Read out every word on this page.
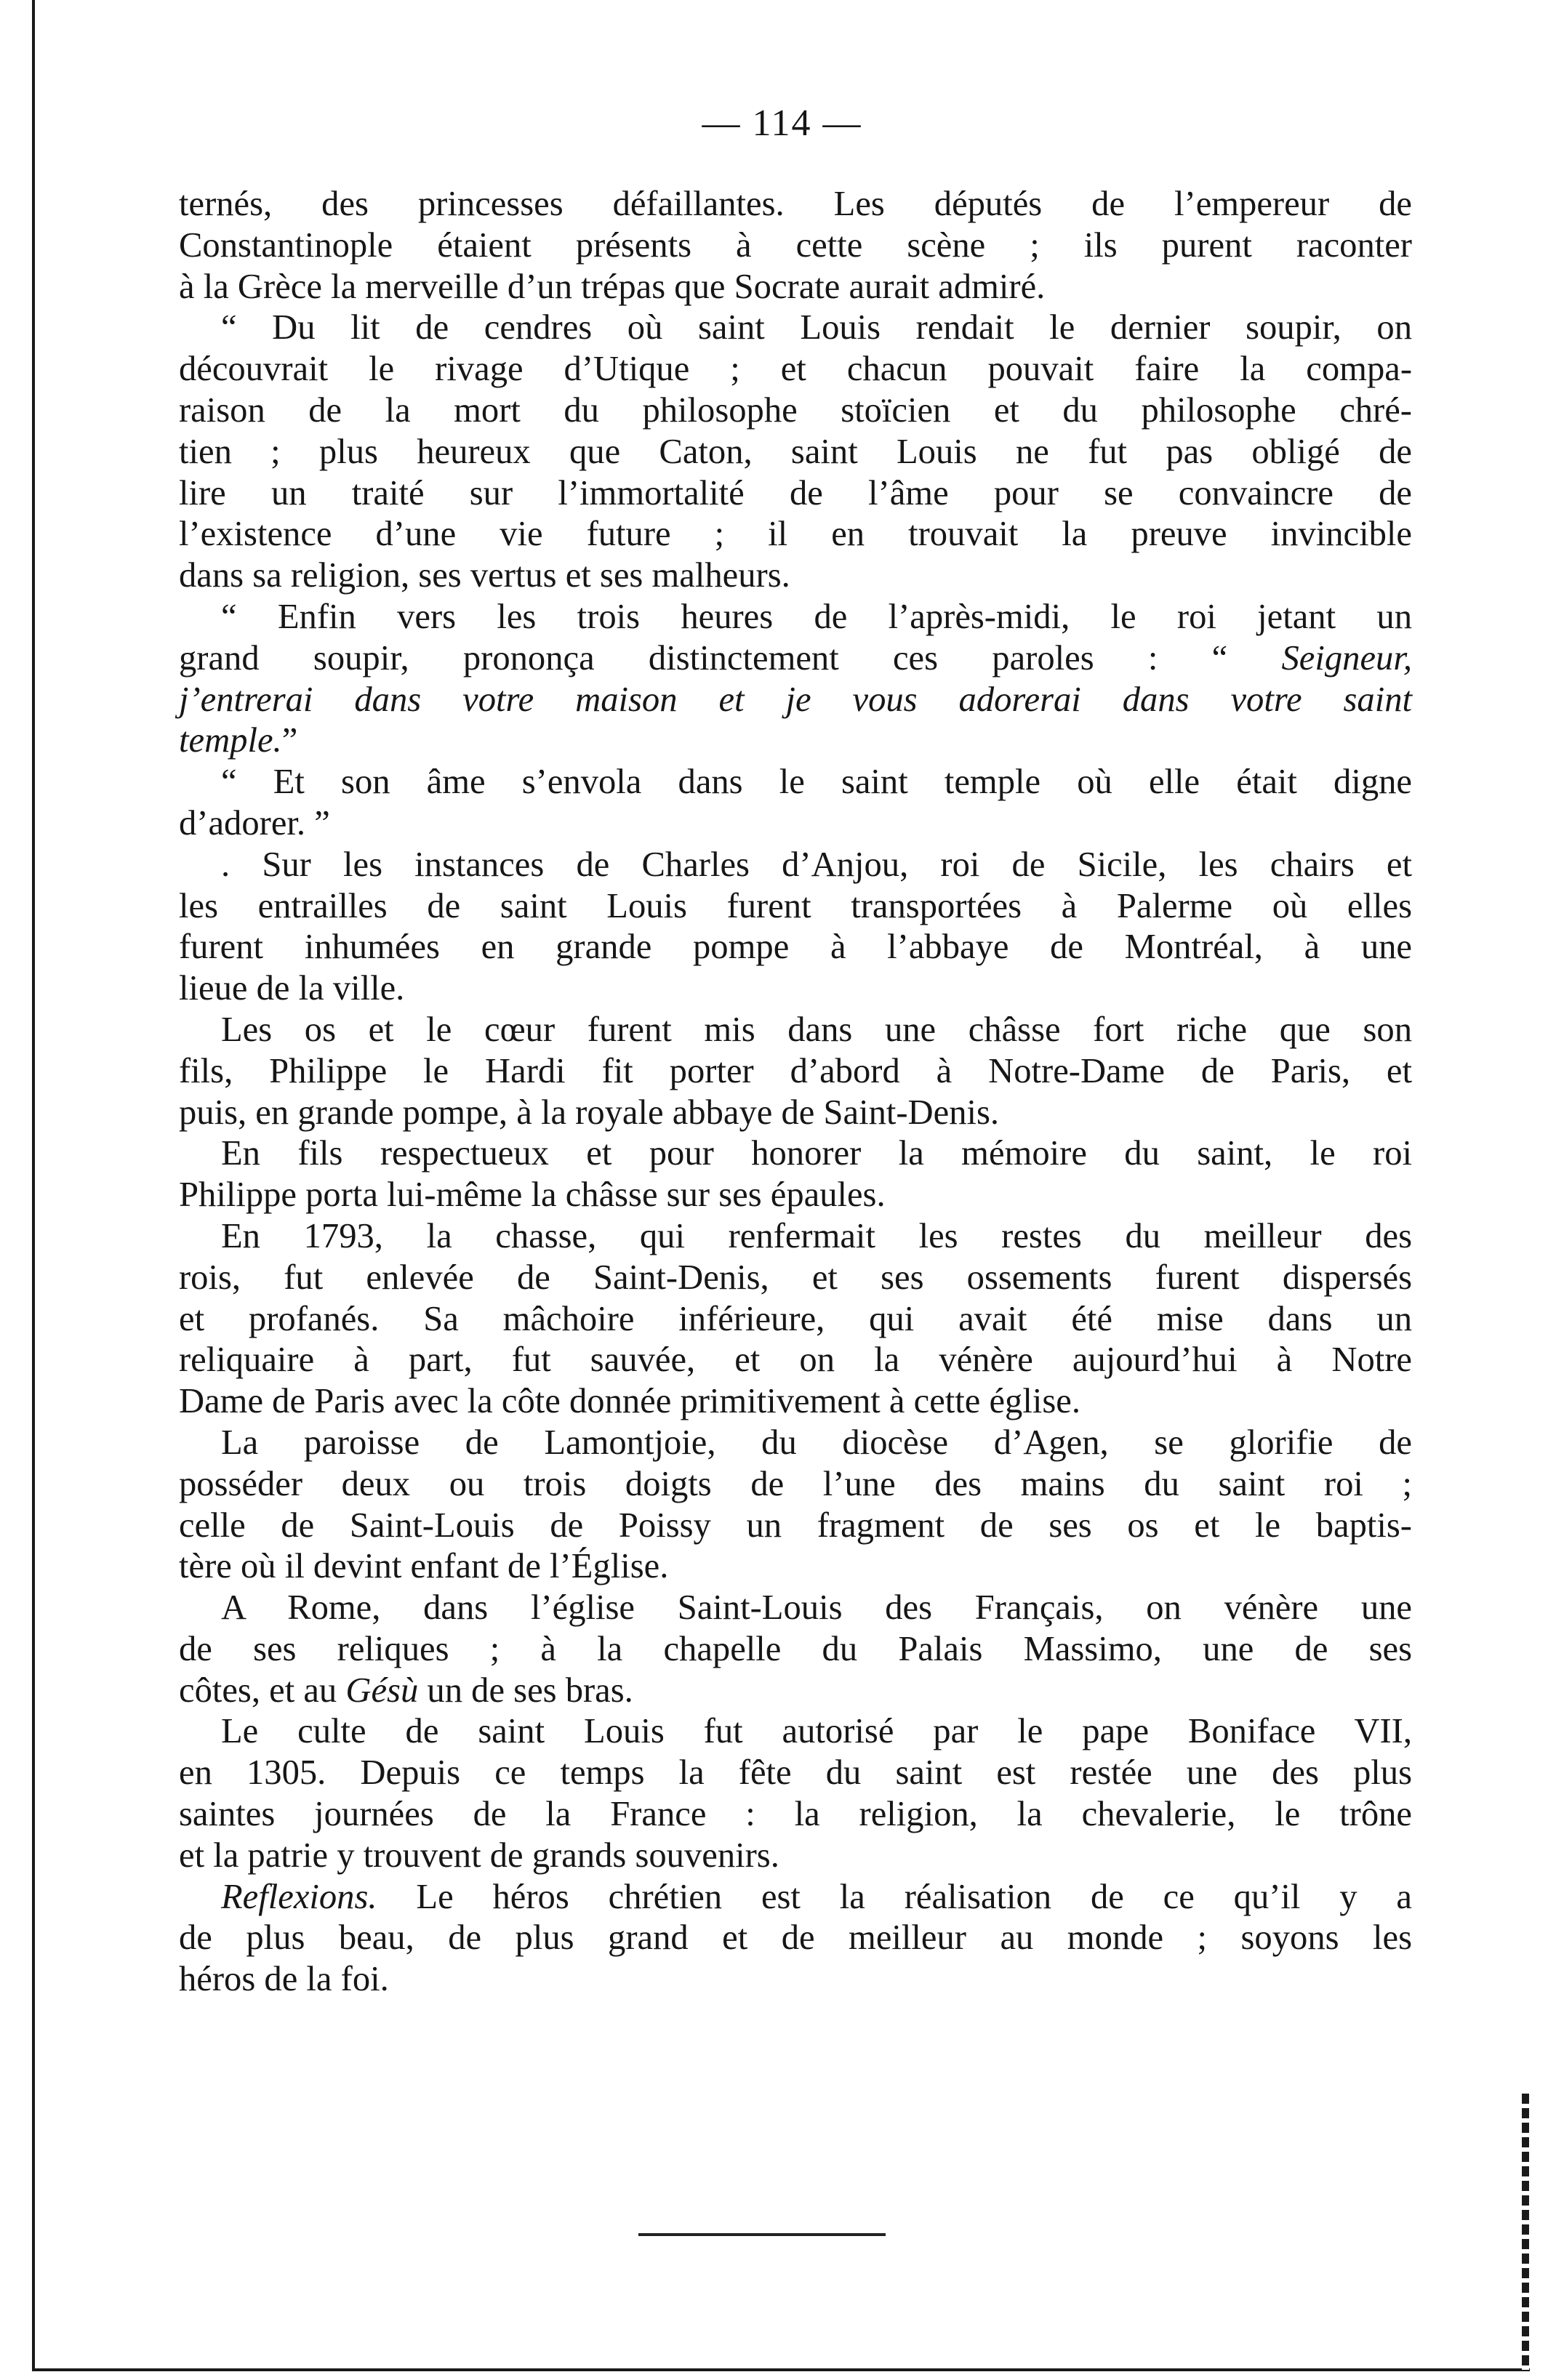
— 114 —
ternés, des princesses défaillantes. Les députés de l’empereur de
Constantinople étaient présents à cette scène ; ils purent raconter
à la Grèce la merveille d’un trépas que Socrate aurait admiré.
“ Du lit de cendres où saint Louis rendait le dernier soupir, on
découvrait le rivage d’Utique ; et chacun pouvait faire la compa-
raison de la mort du philosophe stoïcien et du philosophe chré-
tien ; plus heureux que Caton, saint Louis ne fut pas obligé de
lire un traité sur l’immortalité de l’âme pour se convaincre de
l’existence d’une vie future ; il en trouvait la preuve invincible
dans sa religion, ses vertus et ses malheurs.
“ Enfin vers les trois heures de l’après-midi, le roi jetant un
grand soupir, prononça distinctement ces paroles : “ Seigneur,
j’entrerai dans votre maison et je vous adorerai dans votre saint
temple.”
“ Et son âme s’envola dans le saint temple où elle était digne
d’adorer. ”
. Sur les instances de Charles d’Anjou, roi de Sicile, les chairs et
les entrailles de saint Louis furent transportées à Palerme où elles
furent inhumées en grande pompe à l’abbaye de Montréal, à une
lieue de la ville.
Les os et le cœur furent mis dans une châsse fort riche que son
fils, Philippe le Hardi fit porter d’abord à Notre-Dame de Paris, et
puis, en grande pompe, à la royale abbaye de Saint-Denis.
En fils respectueux et pour honorer la mémoire du saint, le roi
Philippe porta lui-même la châsse sur ses épaules.
En 1793, la chasse, qui renfermait les restes du meilleur des
rois, fut enlevée de Saint-Denis, et ses ossements furent dispersés
et profanés. Sa mâchoire inférieure, qui avait été mise dans un
reliquaire à part, fut sauvée, et on la vénère aujourd’hui à Notre
Dame de Paris avec la côte donnée primitivement à cette église.
La paroisse de Lamontjoie, du diocèse d’Agen, se glorifie de
posséder deux ou trois doigts de l’une des mains du saint roi ;
celle de Saint-Louis de Poissy un fragment de ses os et le baptis-
tère où il devint enfant de l’Église.
A Rome, dans l’église Saint-Louis des Français, on vénère une
de ses reliques ; à la chapelle du Palais Massimo, une de ses
côtes, et au Gésù un de ses bras.
Le culte de saint Louis fut autorisé par le pape Boniface VII,
en 1305. Depuis ce temps la fête du saint est restée une des plus
saintes journées de la France : la religion, la chevalerie, le trône
et la patrie y trouvent de grands souvenirs.
Reflexions. Le héros chrétien est la réalisation de ce qu’il y a
de plus beau, de plus grand et de meilleur au monde ; soyons les
héros de la foi.
